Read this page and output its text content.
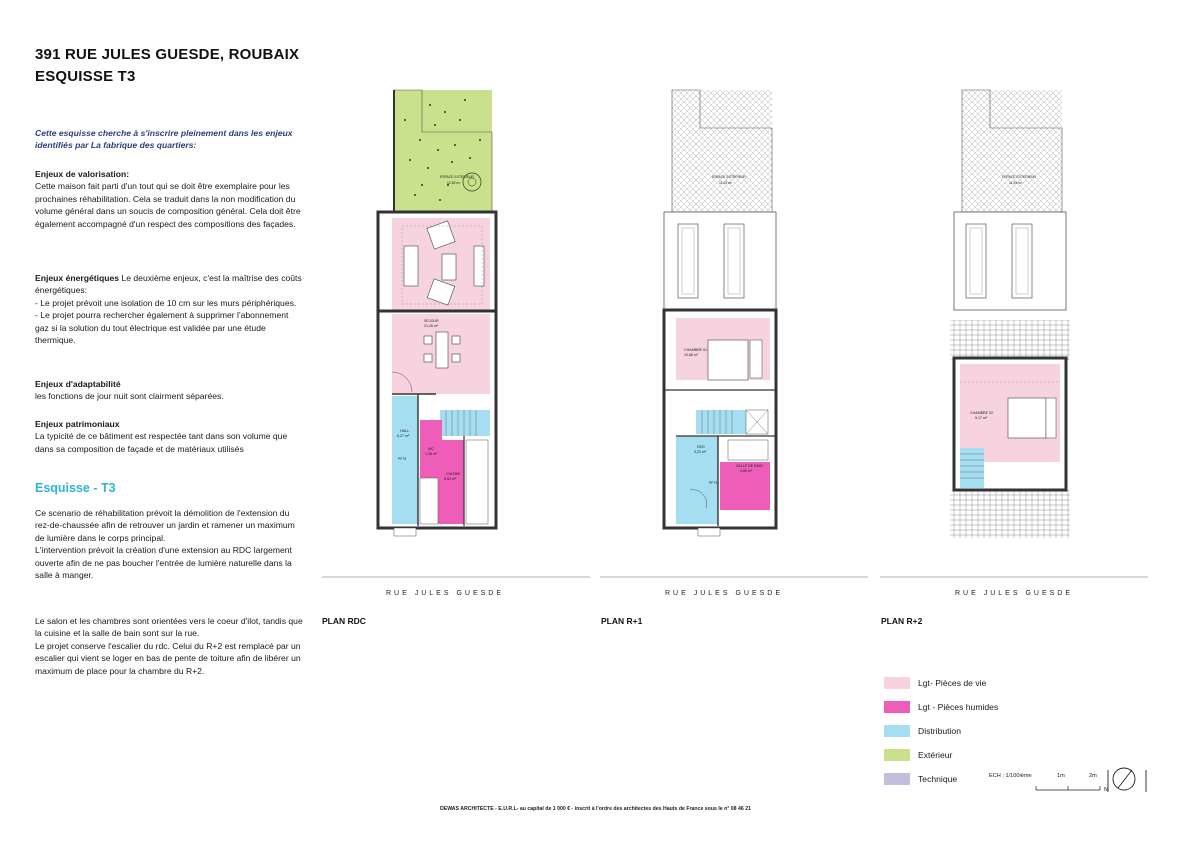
391 RUE JULES GUESDE, ROUBAIX
ESQUISSE T3
Cette esquisse cherche à s'inscrire pleinement dans les enjeux identifiés par La fabrique des quartiers:
Enjeux de valorisation:
Cette maison fait parti d'un tout qui se doit être exemplaire pour les prochaines réhabilitation. Cela se traduit dans la non modification du volume général dans un soucis de composition général. Cela doit être également accompagné d'un respect des compositions des façades.
Enjeux énergétiques Le deuxième enjeux, c'est la maîtrise des coûts énergétiques:
- Le projet prévoit une isolation de 10 cm sur les murs périphériques.
- Le projet pourra rechercher également à supprimer l'abonnement gaz si la solution du tout électrique est validée par une étude thermique.
Enjeux d'adaptabilité
les fonctions de jour nuit sont clairment séparées.
Enjeux patrimoniaux
La typicité de ce bâtiment est respectée tant dans son volume que dans sa composition de façade et de matériaux utilisés
Esquisse - T3
Ce scenario de réhabilitation prévoit la démolition de l'extension du rez-de-chaussée afin de retrouver un jardin et ramener un maximum de lumière dans le corps principal.
L'intervention prévoit la création d'une extension au RDC largement ouverte afin de ne pas boucher l'entrée de lumière naturelle dans la salle à manger.
Le salon et les chambres sont orientées vers le coeur d'ilot, tandis que la cuisine et la salle de bain sont sur la rue.
Le projet conserve l'escalier du rdc. Celui du R+2 est remplacé par un escalier qui vient se loger en bas de pente de toiture afin de libérer un maximum de place pour la chambre du R+2.
ESPACE EXTERIEUR
12,82 m²
SEJOUR
31,26 m²
HALL
6,27 m²
WC
1,38 m²
CUISINE
6,63 m²
PF73
ESPACE EXTERIEUR
11,53 m²
CHAMBRE 01
10,88 m²
DEG
3,23 m²
SALLE DE BAIN
4,85 m²
PF73
ESPACE EXTERIEUR
11,53 m²
CHAMBRE 02
9,17 m²
RUE JULES GUESDE	RUE JULES GUESDE	RUE JULES GUESDE
PLAN RDC	PLAN R+1	PLAN R+2
Lgt- Pièces de vie
Lgt - Pièces humides
Distribution
Extérieur
Technique	ECH : 1/100ième	1m	2m
N
DEWAS ARCHITECTE - E.U.R.L- au capital de 1 000 € - inscrit à l'ordre des architectes des Hauts de France sous le n° 08 46 21
